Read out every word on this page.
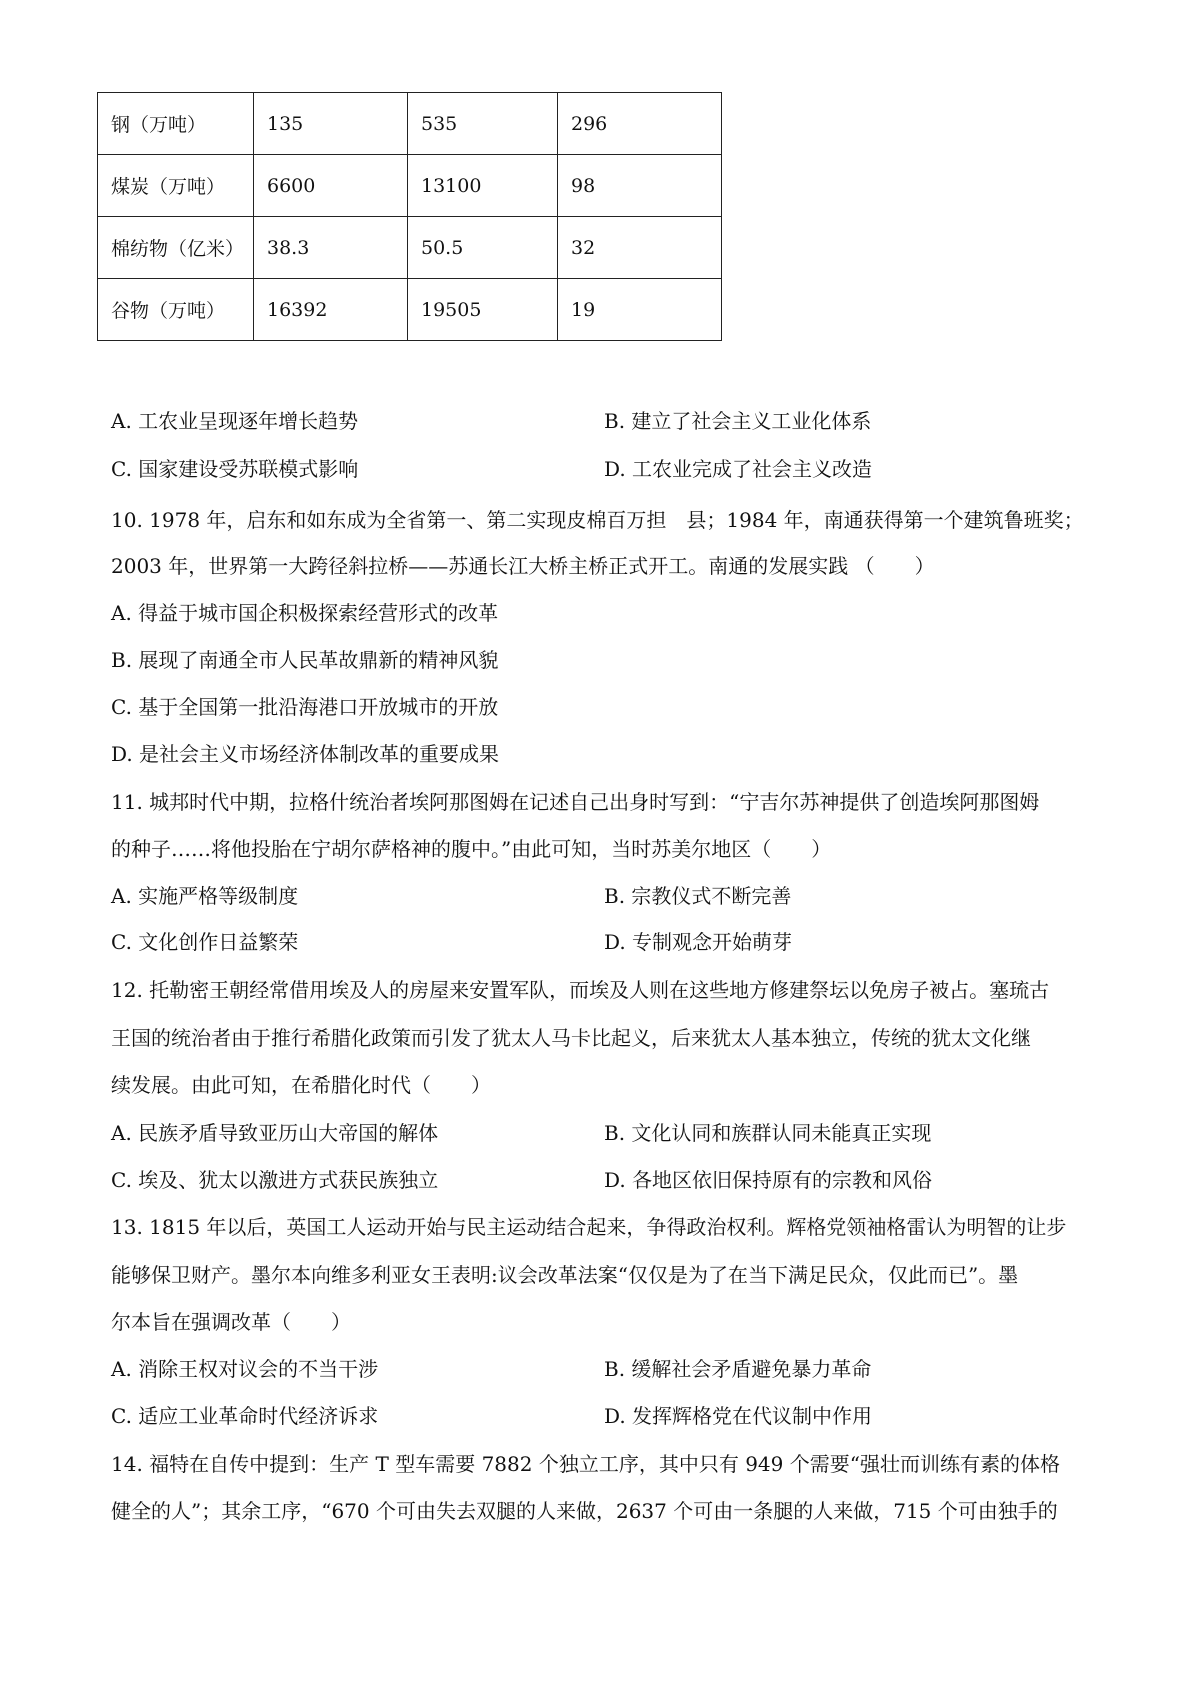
钢（万吨）	135	535	296
煤炭（万吨）	6600	13100	98
棉纺物（亿米）	38.3	50.5	32
谷物（万吨）	16392	19505	19
A. 工农业呈现逐年增长趋势	B. 建立了社会主义工业化体系
C. 国家建设受苏联模式影响	D. 工农业完成了社会主义改造
10. 1978 年，启东和如东成为全省第一、第二实现皮棉百万担　县；1984 年，南通获得第一个建筑鲁班奖；
2003 年，世界第一大跨径斜拉桥——苏通长江大桥主桥正式开工。南通的发展实践 （　　）
A. 得益于城市国企积极探索经营形式的改革
B. 展现了南通全市人民革故鼎新的精神风貌
C. 基于全国第一批沿海港口开放城市的开放
D. 是社会主义市场经济体制改革的重要成果
11. 城邦时代中期，拉格什统治者埃阿那图姆在记述自己出身时写到：“宁吉尔苏神提供了创造埃阿那图姆
的种子……将他投胎在宁胡尔萨格神的腹中。”由此可知，当时苏美尔地区（　　）
A. 实施严格等级制度	B. 宗教仪式不断完善
C. 文化创作日益繁荣	D. 专制观念开始萌芽
12. 托勒密王朝经常借用埃及人的房屋来安置军队，而埃及人则在这些地方修建祭坛以免房子被占。塞琉古
王国的统治者由于推行希腊化政策而引发了犹太人马卡比起义，后来犹太人基本独立，传统的犹太文化继
续发展。由此可知，在希腊化时代（　　）
A. 民族矛盾导致亚历山大帝国的解体	B. 文化认同和族群认同未能真正实现
C. 埃及、犹太以激进方式获民族独立	D. 各地区依旧保持原有的宗教和风俗
13. 1815 年以后，英国工人运动开始与民主运动结合起来，争得政治权利。辉格党领袖格雷认为明智的让步
能够保卫财产。墨尔本向维多利亚女王表明:议会改革法案“仅仅是为了在当下满足民众，仅此而已”。墨
尔本旨在强调改革（　　）
A. 消除王权对议会的不当干涉	B. 缓解社会矛盾避免暴力革命
C. 适应工业革命时代经济诉求	D. 发挥辉格党在代议制中作用
14. 福特在自传中提到：生产 T 型车需要 7882 个独立工序，其中只有 949 个需要“强壮而训练有素的体格
健全的人”；其余工序，“670 个可由失去双腿的人来做，2637 个可由一条腿的人来做，715 个可由独手的
